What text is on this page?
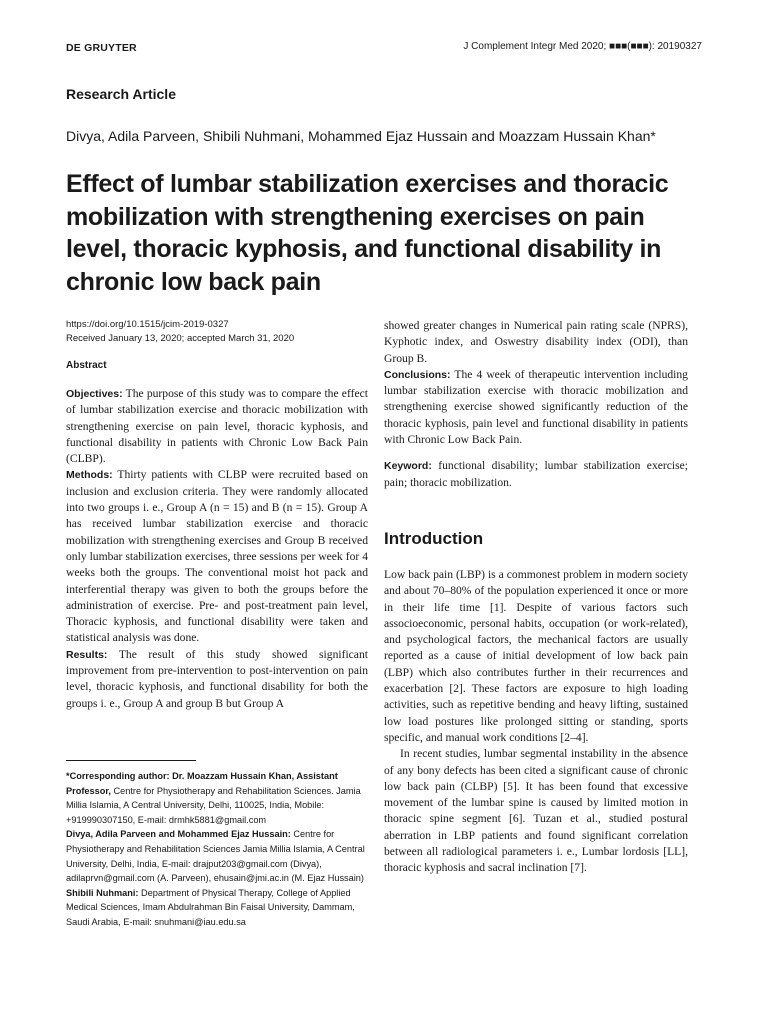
DE GRUYTER	J Complement Integr Med 2020; ■■■(■■■): 20190327
Research Article
Divya, Adila Parveen, Shibili Nuhmani, Mohammed Ejaz Hussain and Moazzam Hussain Khan*
Effect of lumbar stabilization exercises and thoracic mobilization with strengthening exercises on pain level, thoracic kyphosis, and functional disability in chronic low back pain
https://doi.org/10.1515/jcim-2019-0327
Received January 13, 2020; accepted March 31, 2020
Abstract

Objectives: The purpose of this study was to compare the effect of lumbar stabilization exercise and thoracic mobilization with strengthening exercise on pain level, thoracic kyphosis, and functional disability in patients with Chronic Low Back Pain (CLBP).

Methods: Thirty patients with CLBP were recruited based on inclusion and exclusion criteria. They were randomly allocated into two groups i. e., Group A (n = 15) and B (n = 15). Group A has received lumbar stabilization exercise and thoracic mobilization with strengthening exercises and Group B received only lumbar stabilization exercises, three sessions per week for 4 weeks both the groups. The conventional moist hot pack and interferential therapy was given to both the groups before the administration of exercise. Pre- and post-treatment pain level, Thoracic kyphosis, and functional disability were taken and statistical analysis was done.

Results: The result of this study showed significant improvement from pre-intervention to post-intervention on pain level, thoracic kyphosis, and functional disability for both the groups i. e., Group A and group B but Group A

showed greater changes in Numerical pain rating scale (NPRS), Kyphotic index, and Oswestry disability index (ODI), than Group B.

Conclusions: The 4 week of therapeutic intervention including lumbar stabilization exercise with thoracic mobilization and strengthening exercise showed significantly reduction of the thoracic kyphosis, pain level and functional disability in patients with Chronic Low Back Pain.

Keyword: functional disability; lumbar stabilization exercise; pain; thoracic mobilization.

Introduction

Low back pain (LBP) is a commonest problem in modern society and about 70–80% of the population experienced it once or more in their life time [1]. Despite of various factors such associoeconomic, personal habits, occupation (or work-related), and psychological factors, the mechanical factors are usually reported as a cause of initial development of low back pain (LBP) which also contributes further in their recurrences and exacerbation [2]. These factors are exposure to high loading activities, such as repetitive bending and heavy lifting, sustained low load postures like prolonged sitting or standing, sports specific, and manual work conditions [2–4].

In recent studies, lumbar segmental instability in the absence of any bony defects has been cited a significant cause of chronic low back pain (CLBP) [5]. It has been found that excessive movement of the lumbar spine is caused by limited motion in thoracic spine segment [6]. Tuzan et al., studied postural aberration in LBP patients and found significant correlation between all radiological parameters i. e., Lumbar lordosis [LL], thoracic kyphosis and sacral inclination [7].

*Corresponding author: Dr. Moazzam Hussain Khan, Assistant Professor, Centre for Physiotherapy and Rehabilitation Sciences. Jamia Millia Islamia, A Central University, Delhi, 110025, India, Mobile: +919990307150, E-mail: drmhk5881@gmail.com

Divya, Adila Parveen and Mohammed Ejaz Hussain: Centre for Physiotherapy and Rehabilitation Sciences Jamia Millia Islamia, A Central University, Delhi, India, E-mail: drajput203@gmail.com (Divya), adilaprvn@gmail.com (A. Parveen), ehusain@jmi.ac.in (M. Ejaz Hussain)

Shibili Nuhmani: Department of Physical Therapy, College of Applied Medical Sciences, Imam Abdulrahman Bin Faisal University, Dammam, Saudi Arabia, E-mail: snuhmani@iau.edu.sa
